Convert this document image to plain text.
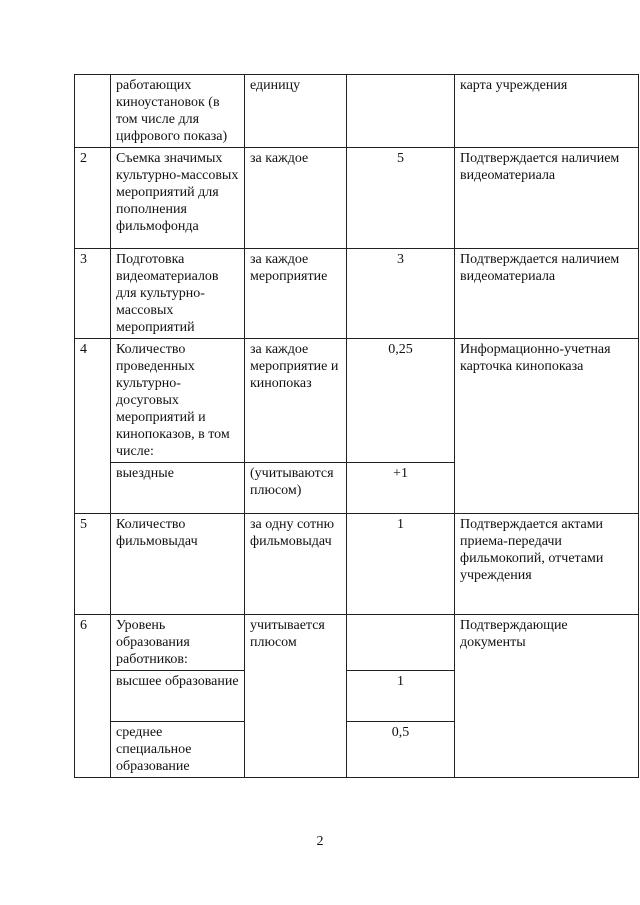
	работающих киноустановок (в том числе для цифрового показа)	единицу		карта учреждения
2	Съемка значимых культурно-массовых мероприятий для пополнения фильмофонда	за каждое	5	Подтверждается наличием видеоматериала
3	Подготовка видеоматериалов для культурно-массовых мероприятий	за каждое мероприятие	3	Подтверждается наличием видеоматериала
4	Количество проведенных культурно-досуговых мероприятий и кинопоказов, в том числе:	за каждое мероприятие и кинопоказ	0,25	Информационно-учетная карточка кинопоказа
	выездные	(учитываются плюсом)	+1	
5	Количество фильмовыдач	за одну сотню фильмовыдач	1	Подтверждается актами приема-передачи фильмокопий, отчетами учреждения
6	Уровень образования работников:	учитывается плюсом		Подтверждающие документы
	высшее образование		1	
	среднее специальное образование		0,5	
2
